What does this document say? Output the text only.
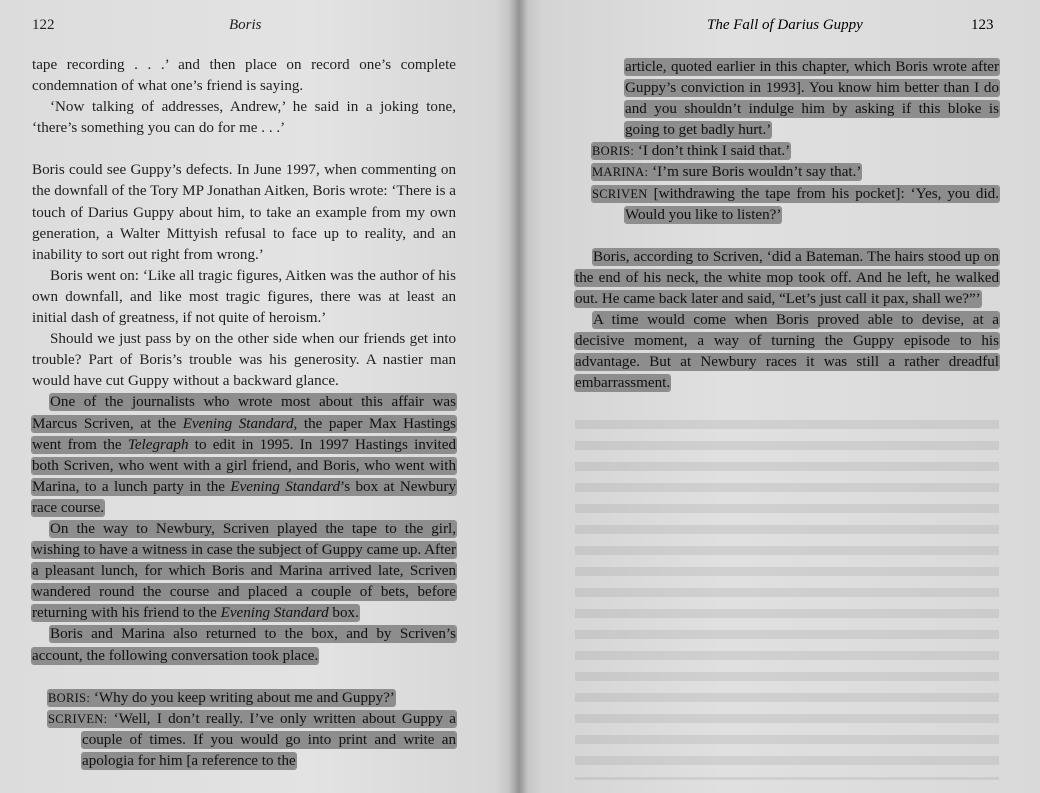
122	Boris

tape recording . . .’ and then place on record one’s complete condemnation of what one’s friend is saying.

‘Now talking of addresses, Andrew,’ he said in a joking tone, ‘there’s something you can do for me . . .’

Boris could see Guppy’s defects. In June 1997, when commenting on the downfall of the Tory MP Jonathan Aitken, Boris wrote: ‘There is a touch of Darius Guppy about him, to take an example from my own generation, a Walter Mittyish refusal to face up to reality, and an inability to sort out right from wrong.’

Boris went on: ‘Like all tragic figures, Aitken was the author of his own downfall, and like most tragic figures, there was at least an initial dash of greatness, if not quite of heroism.’

Should we just pass by on the other side when our friends get into trouble? Part of Boris’s trouble was his generosity. A nastier man would have cut Guppy without a backward glance.

One of the journalists who wrote most about this affair was Marcus Scriven, at the Evening Standard, the paper Max Hastings went from the Telegraph to edit in 1995. In 1997 Hastings invited both Scriven, who went with a girl friend, and Boris, who went with Marina, to a lunch party in the Evening Standard’s box at Newbury race course.

On the way to Newbury, Scriven played the tape to the girl, wishing to have a witness in case the subject of Guppy came up. After a pleasant lunch, for which Boris and Marina arrived late, Scriven wandered round the course and placed a couple of bets, before returning with his friend to the Evening Standard box.

Boris and Marina also returned to the box, and by Scriven’s account, the following conversation took place.

BORIS: ‘Why do you keep writing about me and Guppy?’

SCRIVEN: ‘Well, I don’t really. I’ve only written about Guppy a couple of times. If you would go into print and write an apologia for him [a reference to the

The Fall of Darius Guppy	123

article, quoted earlier in this chapter, which Boris wrote after Guppy’s conviction in 1993]. You know him better than I do and you shouldn’t indulge him by asking if this bloke is going to get badly hurt.’

BORIS: ‘I don’t think I said that.’

MARINA: ‘I’m sure Boris wouldn’t say that.’

SCRIVEN [withdrawing the tape from his pocket]: ‘Yes, you did. Would you like to listen?’

Boris, according to Scriven, ‘did a Bateman. The hairs stood up on the end of his neck, the white mop took off. And he left, he walked out. He came back later and said, “Let’s just call it pax, shall we?”’

A time would come when Boris proved able to devise, at a decisive moment, a way of turning the Guppy episode to his advantage. But at Newbury races it was still a rather dreadful embarrassment.
